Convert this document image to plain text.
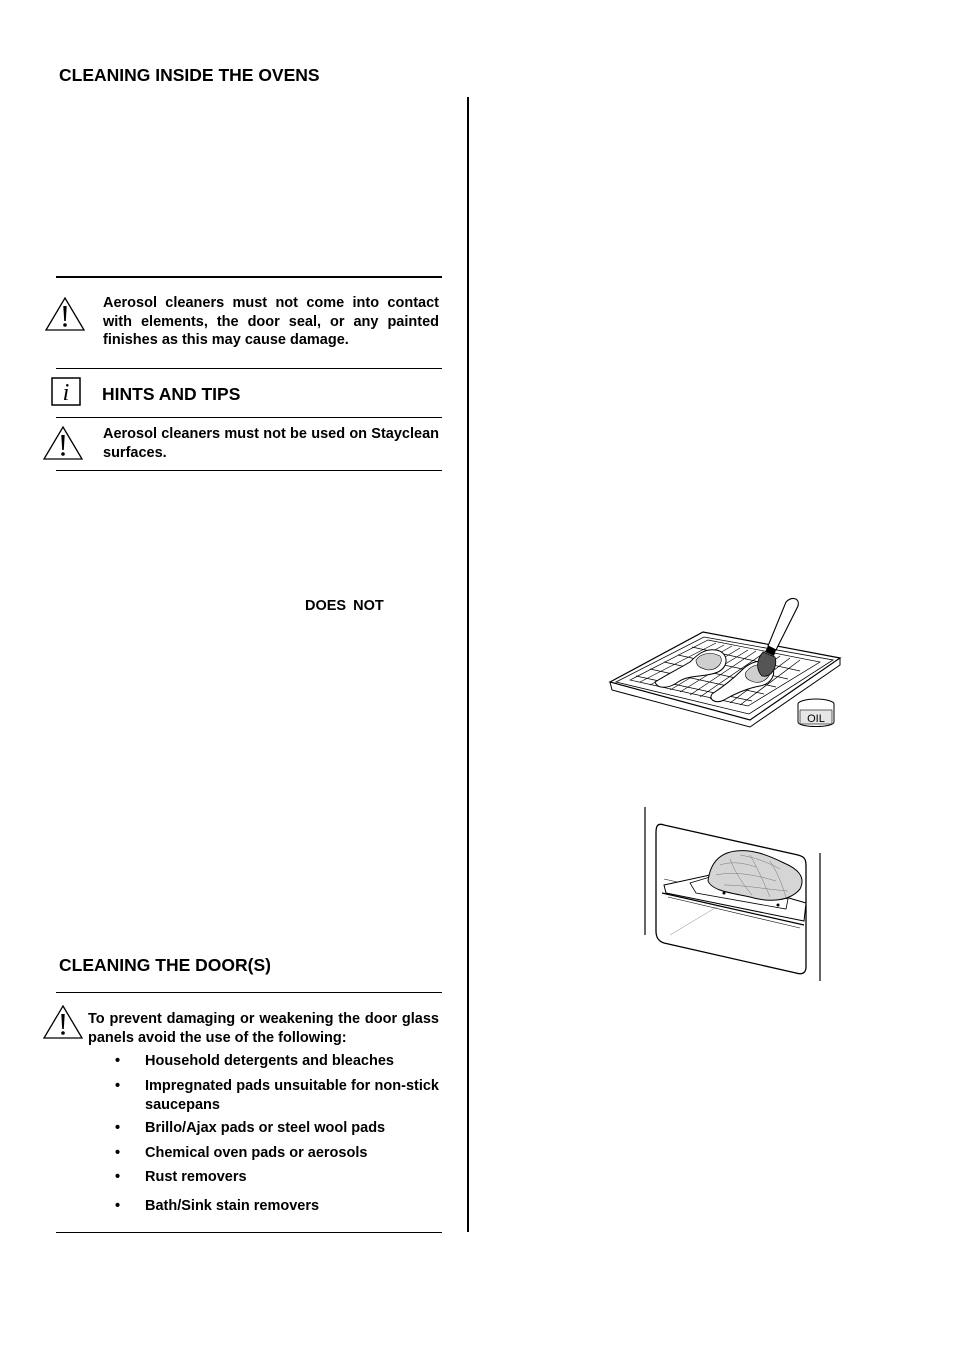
CLEANING INSIDE THE OVENS
Aerosol cleaners must not come into contact with elements, the door seal, or any painted finishes as this may cause damage.
i HINTS AND TIPS
Aerosol cleaners must not be used on Stayclean surfaces.
DOES NOT
CLEANING THE DOOR(S)
To prevent damaging or weakening the door glass panels avoid the use of the following:
• Household detergents and bleaches
• Impregnated pads unsuitable for non-stick saucepans
• Brillo/Ajax pads or steel wool pads
• Chemical oven pads or aerosols
• Rust removers
• Bath/Sink stain removers
OIL
